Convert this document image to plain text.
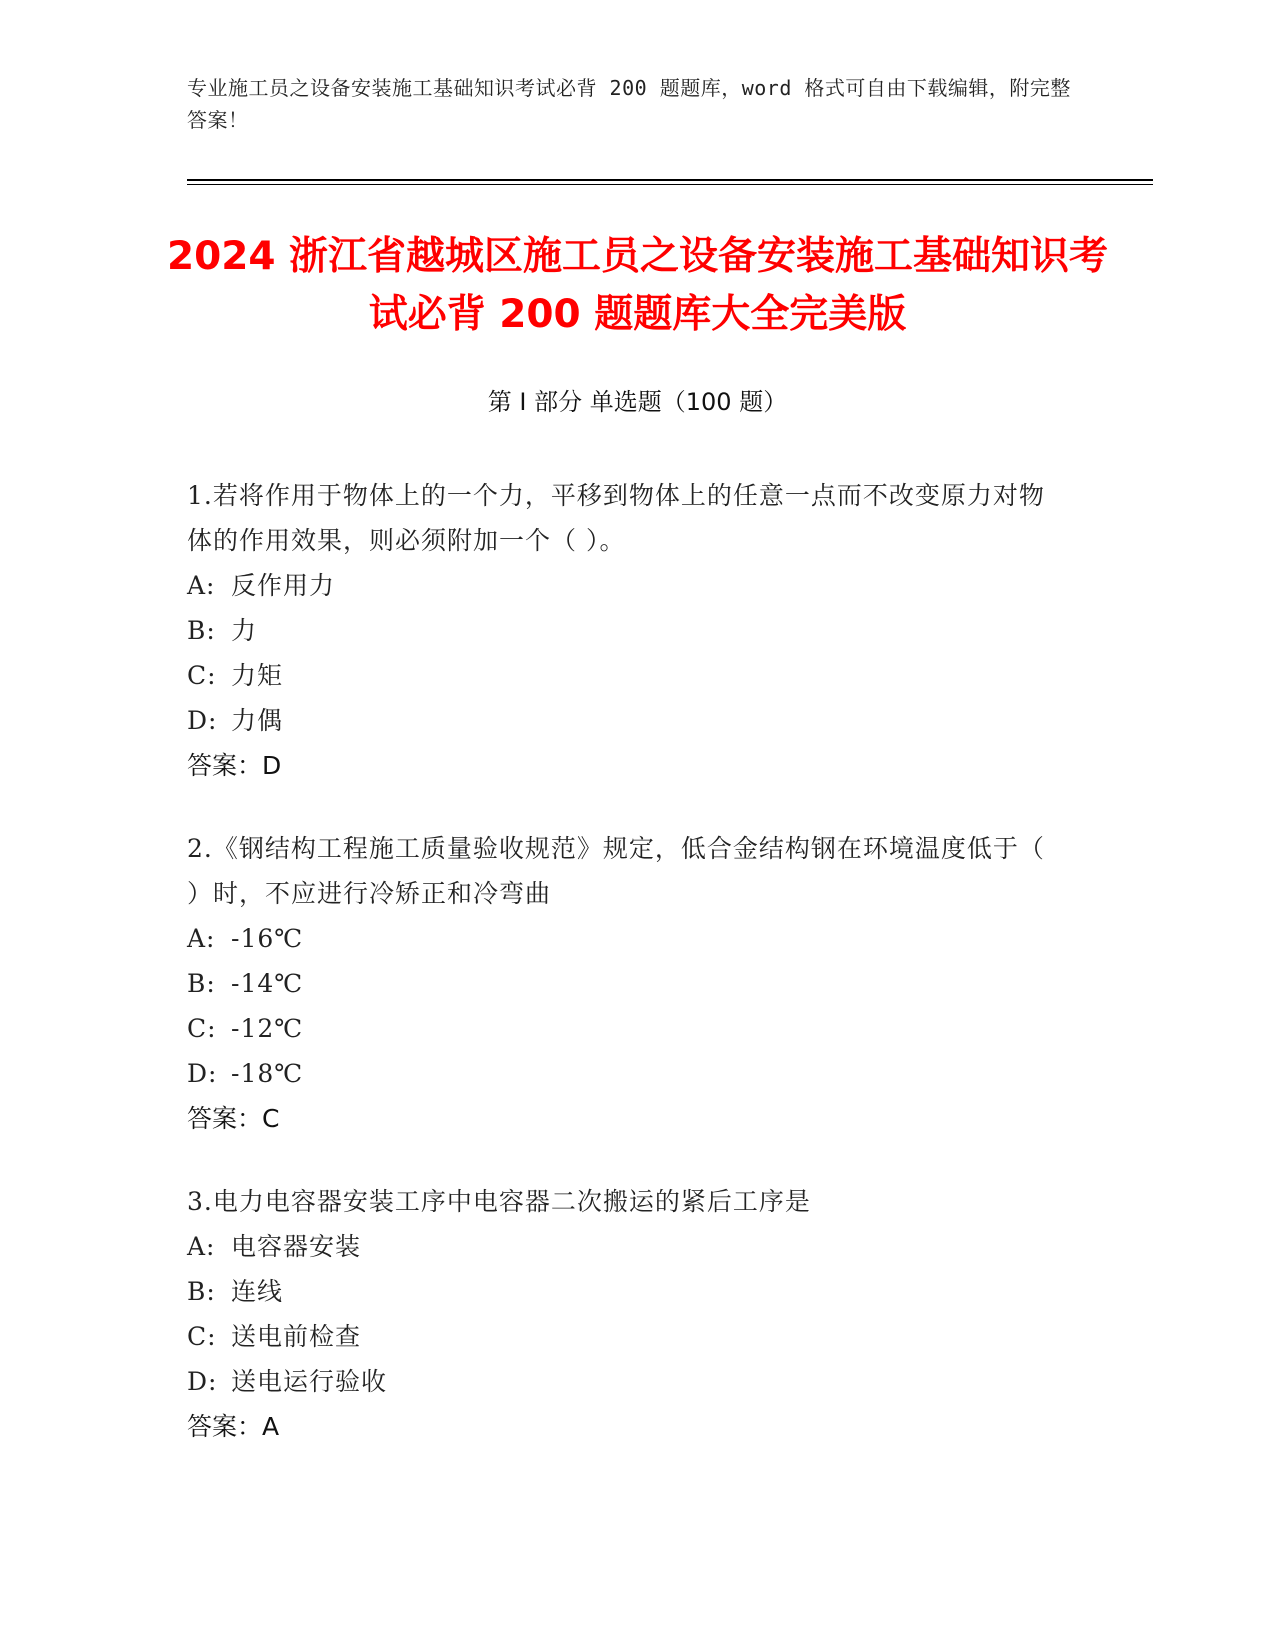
专业施工员之设备安装施工基础知识考试必背 200 题题库，word 格式可自由下载编辑，附完整答案！
2024 浙江省越城区施工员之设备安装施工基础知识考试必背 200 题题库大全完美版
第 I 部分 单选题（100 题）
1.若将作用于物体上的一个力，平移到物体上的任意一点而不改变原力对物体的作用效果，则必须附加一个（ ）。
A: 反作用力
B: 力
C: 力矩
D: 力偶
答案：D
2.《钢结构工程施工质量验收规范》规定，低合金结构钢在环境温度低于（ ）时，不应进行冷矫正和冷弯曲
A: -16℃
B: -14℃
C: -12℃
D: -18℃
答案：C
3.电力电容器安装工序中电容器二次搬运的紧后工序是
A: 电容器安装
B: 连线
C: 送电前检查
D: 送电运行验收
答案：A
